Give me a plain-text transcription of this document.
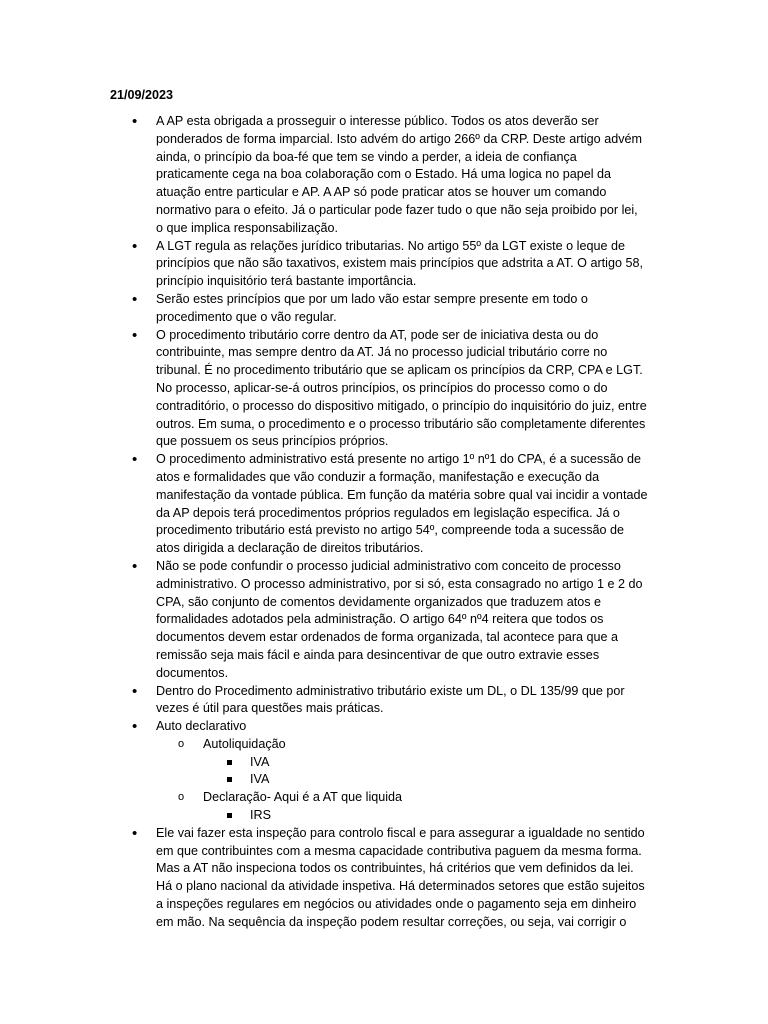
21/09/2023
• A AP esta obrigada a prosseguir o interesse público. Todos os atos deverão ser ponderados de forma imparcial. Isto advém do artigo 266º da CRP. Deste artigo advém ainda, o princípio da boa-fé que tem se vindo a perder, a ideia de confiança praticamente cega na boa colaboração com o Estado. Há uma logica no papel da atuação entre particular e AP. A AP só pode praticar atos se houver um comando normativo para o efeito. Já o particular pode fazer tudo o que não seja proibido por lei, o que implica responsabilização.
• A LGT regula as relações jurídico tributarias. No artigo 55º da LGT existe o leque de princípios que não são taxativos, existem mais princípios que adstrita a AT. O artigo 58, princípio inquisitório terá bastante importância.
• Serão estes princípios que por um lado vão estar sempre presente em todo o procedimento que o vão regular.
• O procedimento tributário corre dentro da AT, pode ser de iniciativa desta ou do contribuinte, mas sempre dentro da AT. Já no processo judicial tributário corre no tribunal. É no procedimento tributário que se aplicam os princípios da CRP, CPA e LGT. No processo, aplicar-se-á outros princípios, os princípios do processo como o do contraditório, o processo do dispositivo mitigado, o princípio do inquisitório do juiz, entre outros. Em suma, o procedimento e o processo tributário são completamente diferentes que possuem os seus princípios próprios.
• O procedimento administrativo está presente no artigo 1º nº1 do CPA, é a sucessão de atos e formalidades que vão conduzir a formação, manifestação e execução da manifestação da vontade pública. Em função da matéria sobre qual vai incidir a vontade da AP depois terá procedimentos próprios regulados em legislação especifica. Já o procedimento tributário está previsto no artigo 54º, compreende toda a sucessão de atos dirigida a declaração de direitos tributários.
• Não se pode confundir o processo judicial administrativo com conceito de processo administrativo. O processo administrativo, por si só, esta consagrado no artigo 1 e 2 do CPA, são conjunto de comentos devidamente organizados que traduzem atos e formalidades adotados pela administração. O artigo 64º nº4 reitera que todos os documentos devem estar ordenados de forma organizada, tal acontece para que a remissão seja mais fácil e ainda para desincentivar de que outro extravie esses documentos.
• Dentro do Procedimento administrativo tributário existe um DL, o DL 135/99 que por vezes é útil para questões mais práticas.
• Auto declarativo
o Autoliquidação
IVA
IVA
o Declaração- Aqui é a AT que liquida
IRS
• Ele vai fazer esta inspeção para controlo fiscal e para assegurar a igualdade no sentido em que contribuintes com a mesma capacidade contributiva paguem da mesma forma. Mas a AT não inspeciona todos os contribuintes, há critérios que vem definidos da lei. Há o plano nacional da atividade inspetiva. Há determinados setores que estão sujeitos a inspeções regulares em negócios ou atividades onde o pagamento seja em dinheiro em mão. Na sequência da inspeção podem resultar correções, ou seja, vai corrigir o
